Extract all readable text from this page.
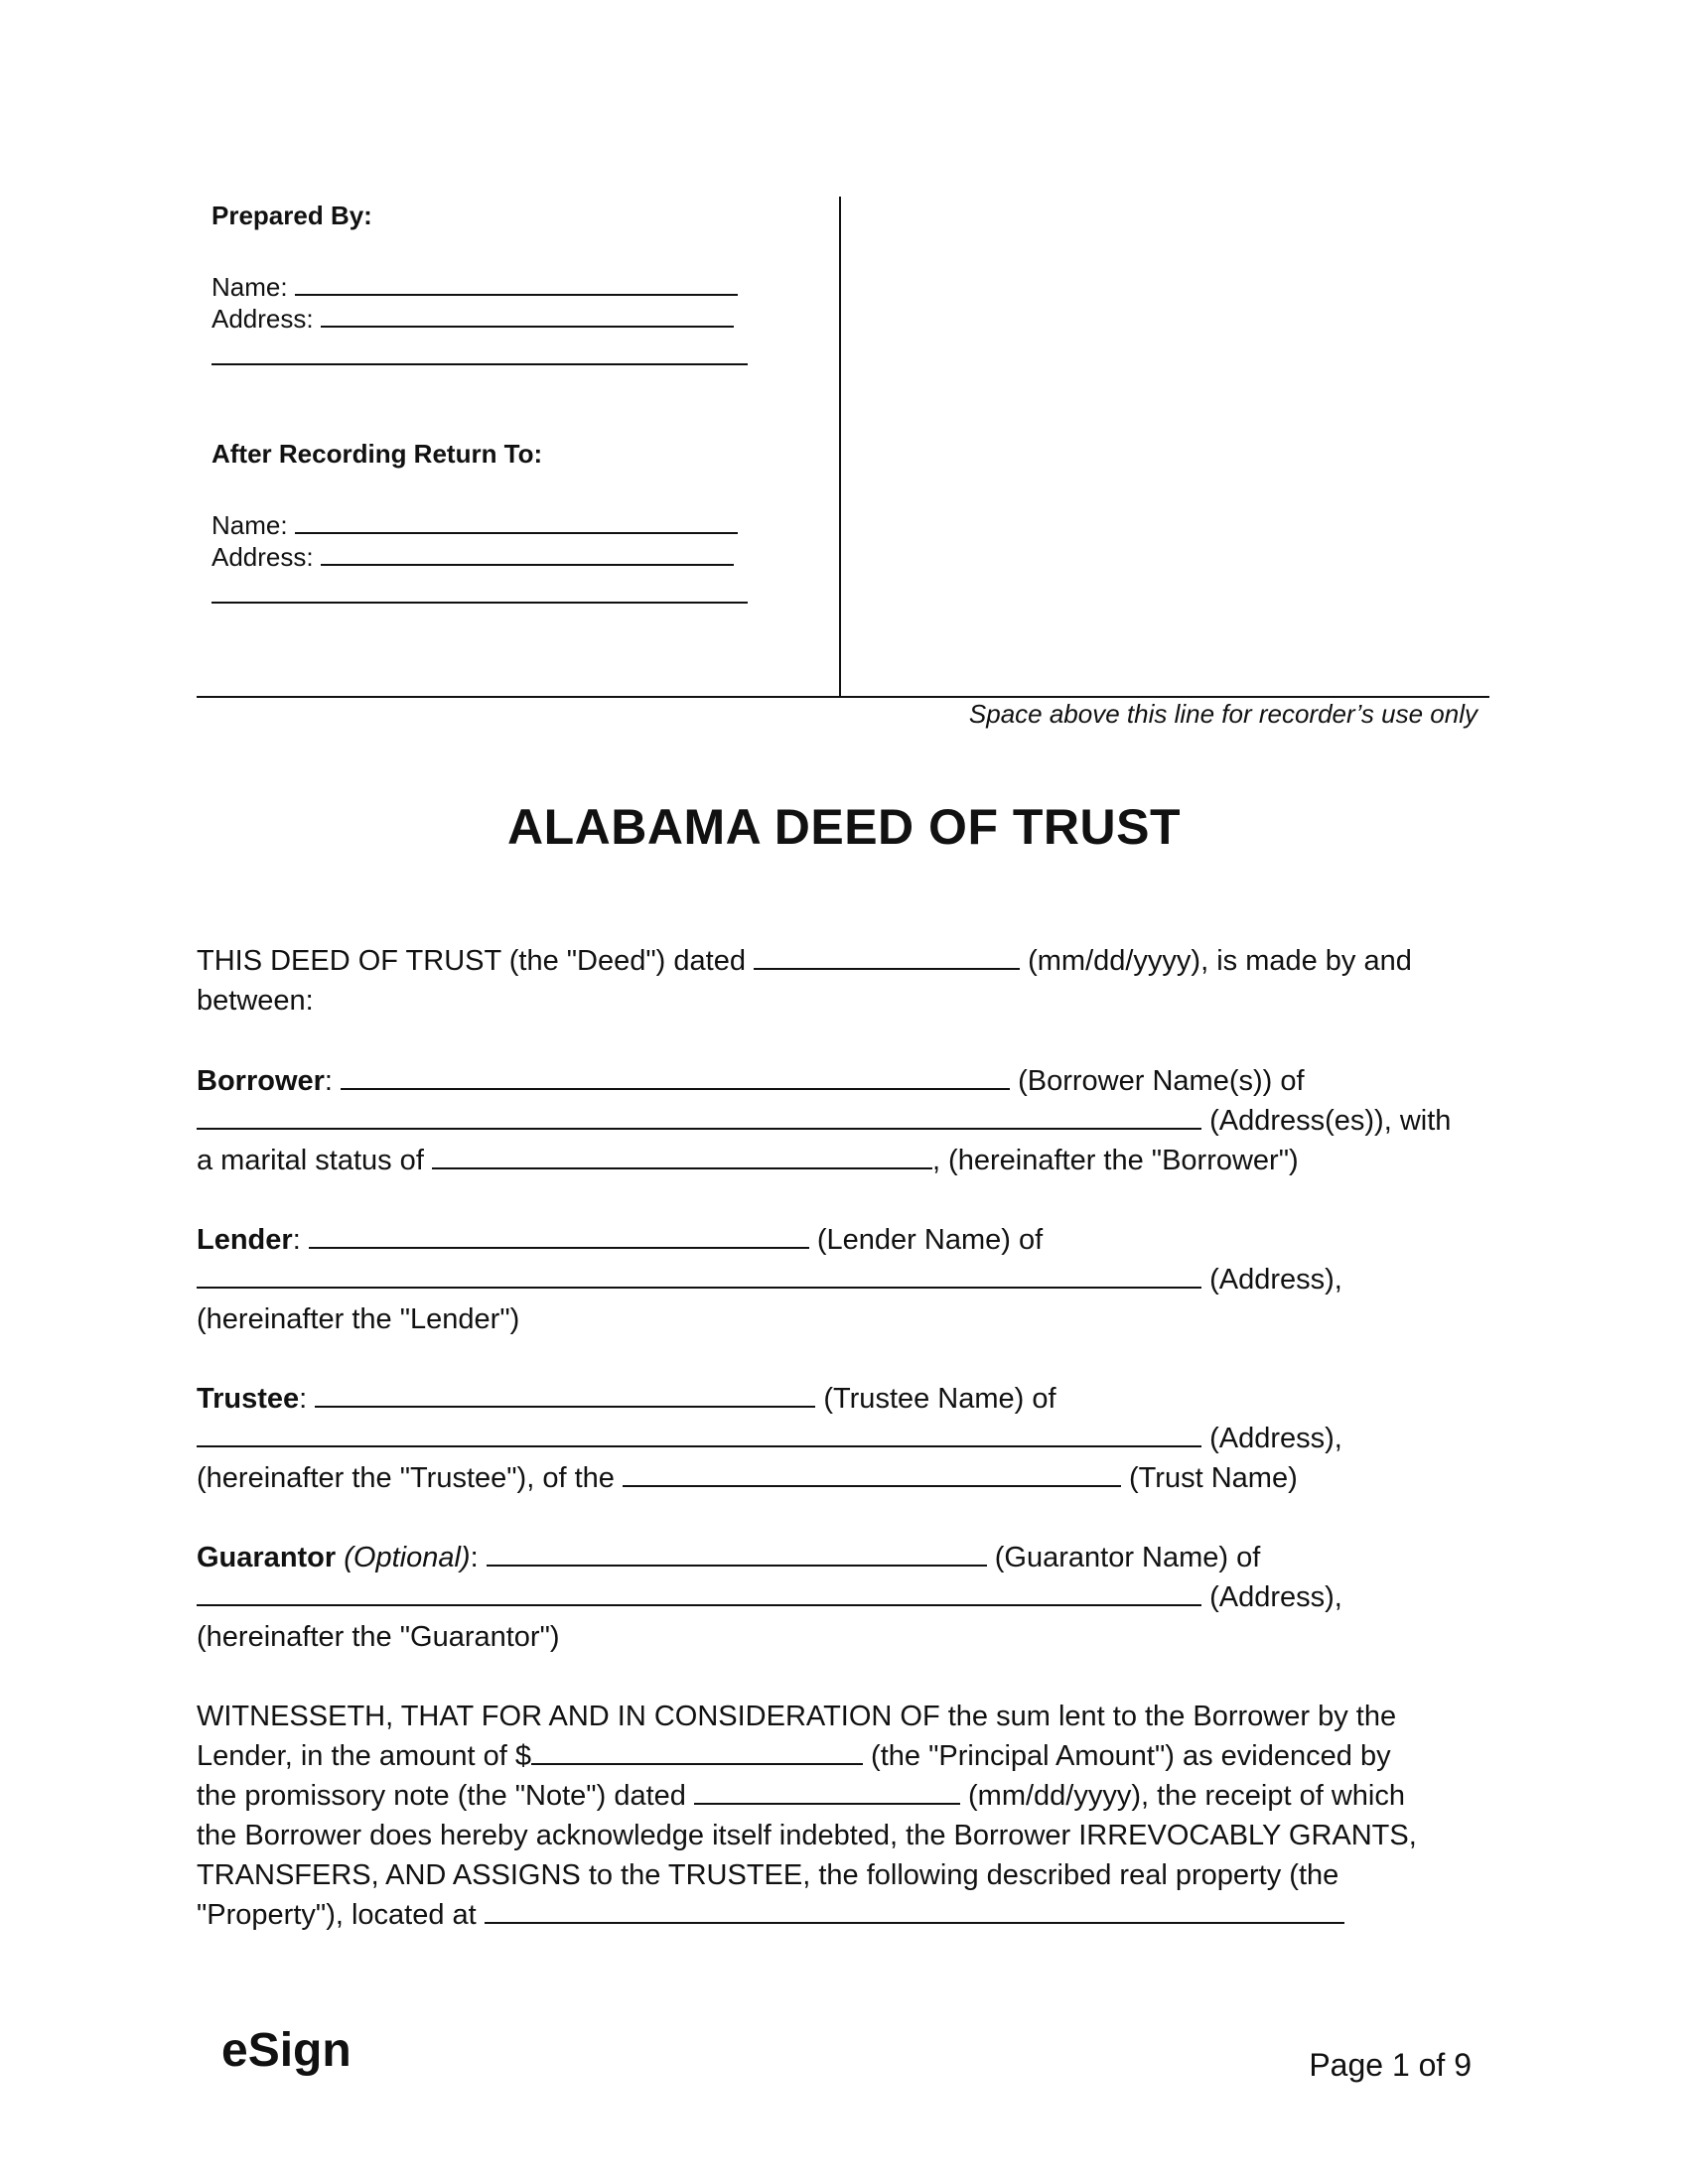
Prepared By:
Name:
Address:
After Recording Return To:
Name:
Address:
Space above this line for recorder’s use only
ALABAMA DEED OF TRUST

THIS DEED OF TRUST (the "Deed") dated	(mm/dd/yyyy), is made by and

between:

Borrower:	(Borrower Name(s)) of

(Address(es)), with

a marital status of	, (hereinafter the "Borrower")

Lender:	(Lender Name) of

(Address),

(hereinafter the "Lender")

Trustee:	(Trustee Name) of

(Address),

(hereinafter the "Trustee"), of the	(Trust Name)

Guarantor (Optional):	(Guarantor Name) of

(Address),

(hereinafter the "Guarantor")

WITNESSETH, THAT FOR AND IN CONSIDERATION OF the sum lent to the Borrower by the

Lender, in the amount of $	(the "Principal Amount") as evidenced by

the promissory note (the "Note") dated	(mm/dd/yyyy), the receipt of which

the Borrower does hereby acknowledge itself indebted, the Borrower IRREVOCABLY GRANTS,

TRANSFERS, AND ASSIGNS to the TRUSTEE, the following described real property (the

"Property"), located at

eSign	Page 1 of 9
